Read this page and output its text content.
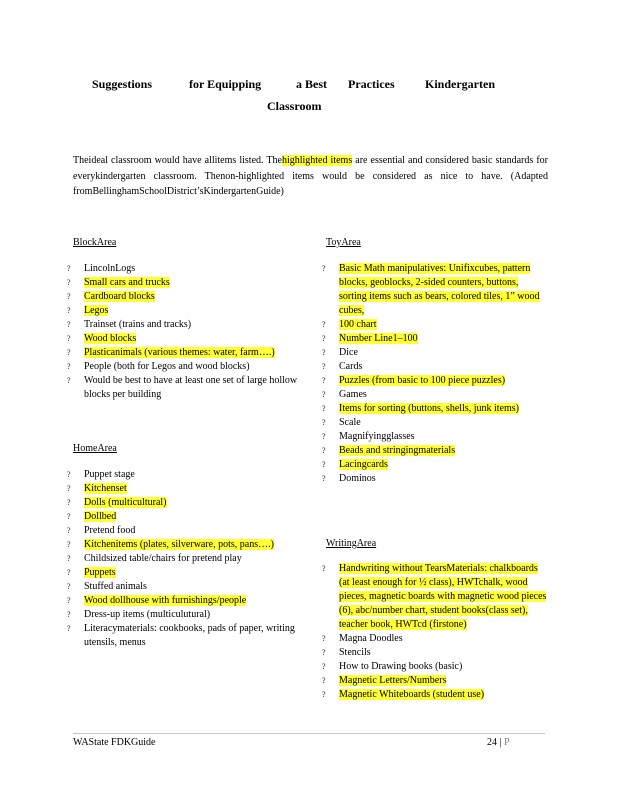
Suggestions	for Equipping	a Best Practices	Kindergarten
Classroom
Theideal classroom would have allitems listed. Thehighlighted items are essential and considered basic standards for everykindergarten classroom. Thenon‐highlighted items would be considered as nice to have. (Adapted fromBellinghamSchoolDistrict’sKindergartenGuide)
BlockArea
? LincolnLogs
? Small cars and trucks
? Cardboard blocks
? Legos
? Trainset (trains and tracks)
? Wood blocks
? Plasticanimals (various themes: water, farm….)
? People (both for Legos and wood blocks)
? Would be best to have at least one set of large hollow blocks per building
HomeArea
? Puppet stage
? Kitchenset
? Dolls (multicultural)
? Dollbed
? Pretend food
? Kitchenitems (plates, silverware, pots, pans….)
? Childsized table/chairs for pretend play
? Puppets
? Stuffed animals
? Wood dollhouse with furnishings/people
? Dress‐up items (multiculutural)
? Literacymaterials: cookbooks, pads of paper, writing utensils, menus
ToyArea
? Basic Math manipulatives: Unifixcubes, pattern blocks, geoblocks, 2‐sided counters, buttons, sorting items such as bears, colored tiles, 1” wood cubes,
? 100 chart
? Number Line1–100
? Dice
? Cards
? Puzzles (from basic to 100 piece puzzles)
? Games
? Items for sorting (buttons, shells, junk items)
? Scale
? Magnifyingglasses
? Beads and stringingmaterials
? Lacingcards
? Dominos
WritingArea
? Handwriting without TearsMaterials: chalkboards (at least enough for ½ class), HWTchalk, wood pieces, magnetic boards with magnetic wood pieces (6), abc/number chart, student books(class set), teacher book, HWTcd (firstone)
? Magna Doodles
? Stencils
? How to Drawing books (basic)
? Magnetic Letters/Numbers
? Magnetic Whiteboards (student use)
WAState FDKGuide	24 | P
